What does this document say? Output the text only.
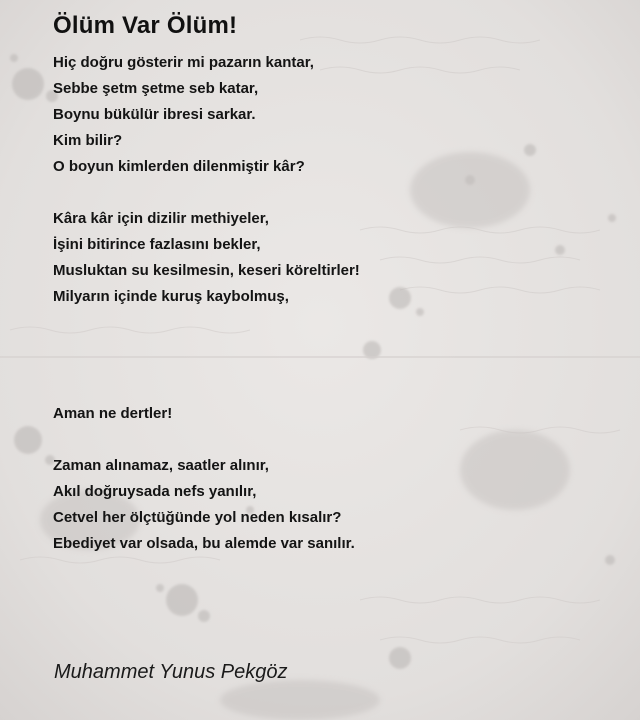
Ölüm Var Ölüm!
Hiç doğru gösterir mi pazarın kantar,
Sebbe şetm şetme seb katar,
Boynu bükülür ibresi sarkar.
Kim bilir?
O boyun kimlerden dilenmiştir kâr?
Kâra kâr için dizilir methiyeler,
İşini bitirince fazlasını bekler,
Musluktan su kesilmesin, keseri köreltirler!
Milyarın içinde kuruş kaybolmuş,
Aman ne dertler!
Zaman alınamaz, saatler alınır,
Akıl doğruysada nefs yanılır,
Cetvel her ölçtüğünde yol neden kısalır?
Ebediyet var olsada, bu alemde var sanılır.
Muhammet Yunus Pekgöz
